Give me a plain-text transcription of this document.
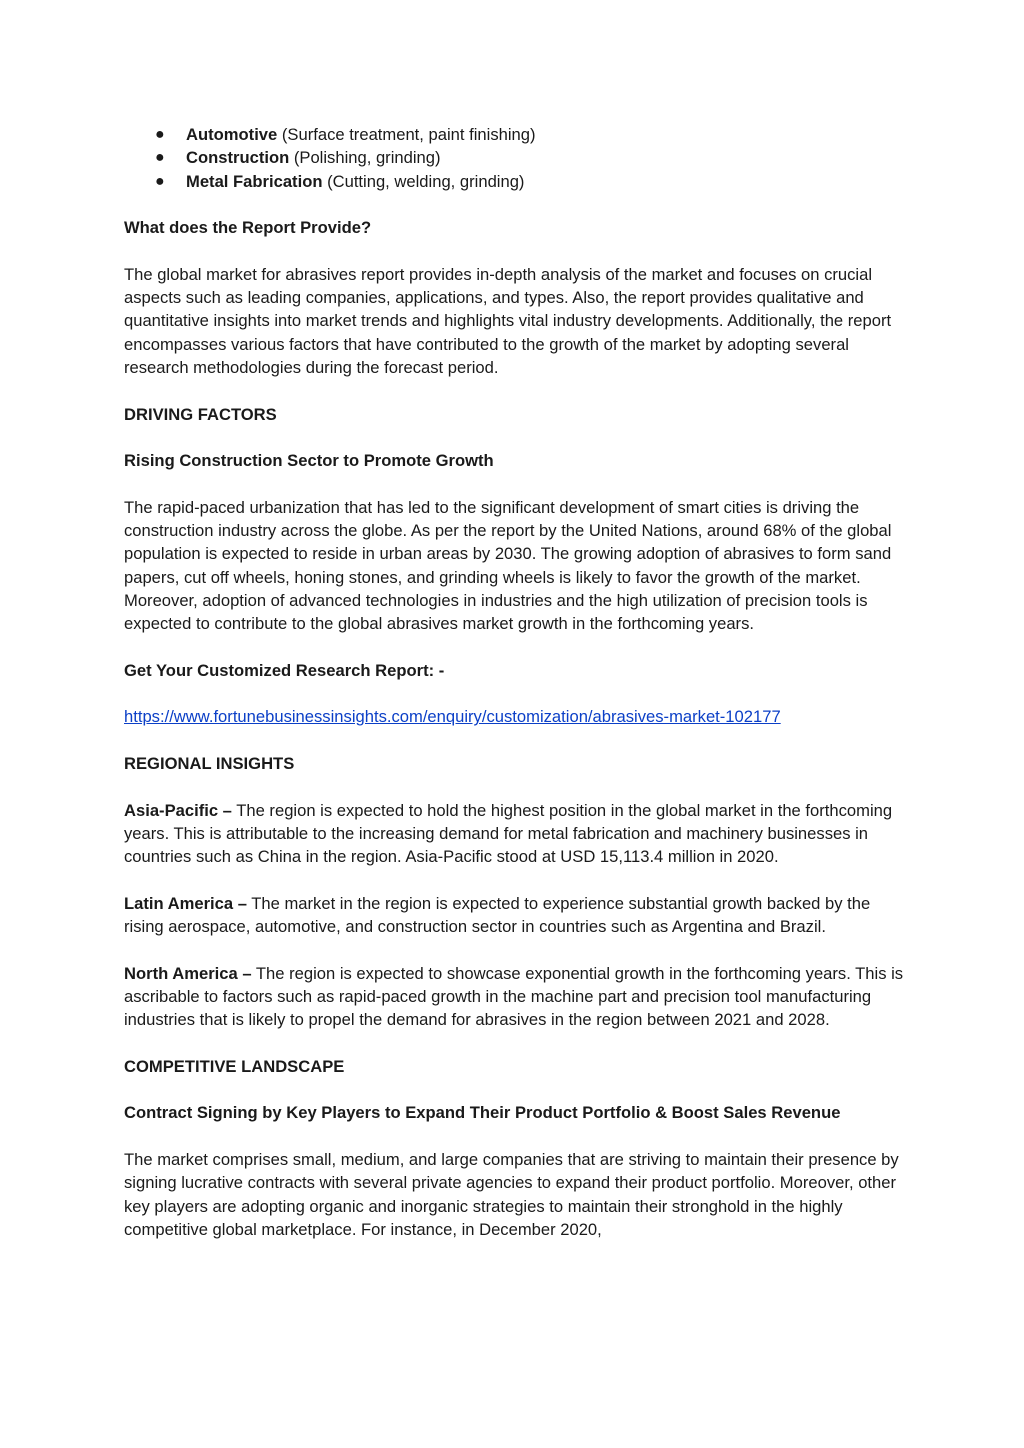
● Automotive (Surface treatment, paint finishing)
● Construction (Polishing, grinding)
● Metal Fabrication (Cutting, welding, grinding)

What does the Report Provide?

The global market for abrasives report provides in-depth analysis of the market and focuses on crucial aspects such as leading companies, applications, and types. Also, the report provides qualitative and quantitative insights into market trends and highlights vital industry developments. Additionally, the report encompasses various factors that have contributed to the growth of the market by adopting several research methodologies during the forecast period.

DRIVING FACTORS

Rising Construction Sector to Promote Growth

The rapid-paced urbanization that has led to the significant development of smart cities is driving the construction industry across the globe. As per the report by the United Nations, around 68% of the global population is expected to reside in urban areas by 2030. The growing adoption of abrasives to form sand papers, cut off wheels, honing stones, and grinding wheels is likely to favor the growth of the market. Moreover, adoption of advanced technologies in industries and the high utilization of precision tools is expected to contribute to the global abrasives market growth in the forthcoming years.

Get Your Customized Research Report: -

https://www.fortunebusinessinsights.com/enquiry/customization/abrasives-market-102177

REGIONAL INSIGHTS

Asia-Pacific – The region is expected to hold the highest position in the global market in the forthcoming years. This is attributable to the increasing demand for metal fabrication and machinery businesses in countries such as China in the region. Asia-Pacific stood at USD 15,113.4 million in 2020.

Latin America – The market in the region is expected to experience substantial growth backed by the rising aerospace, automotive, and construction sector in countries such as Argentina and Brazil.

North America – The region is expected to showcase exponential growth in the forthcoming years. This is ascribable to factors such as rapid-paced growth in the machine part and precision tool manufacturing industries that is likely to propel the demand for abrasives in the region between 2021 and 2028.

COMPETITIVE LANDSCAPE

Contract Signing by Key Players to Expand Their Product Portfolio & Boost Sales Revenue

The market comprises small, medium, and large companies that are striving to maintain their presence by signing lucrative contracts with several private agencies to expand their product portfolio. Moreover, other key players are adopting organic and inorganic strategies to maintain their stronghold in the highly competitive global marketplace. For instance, in December 2020,
